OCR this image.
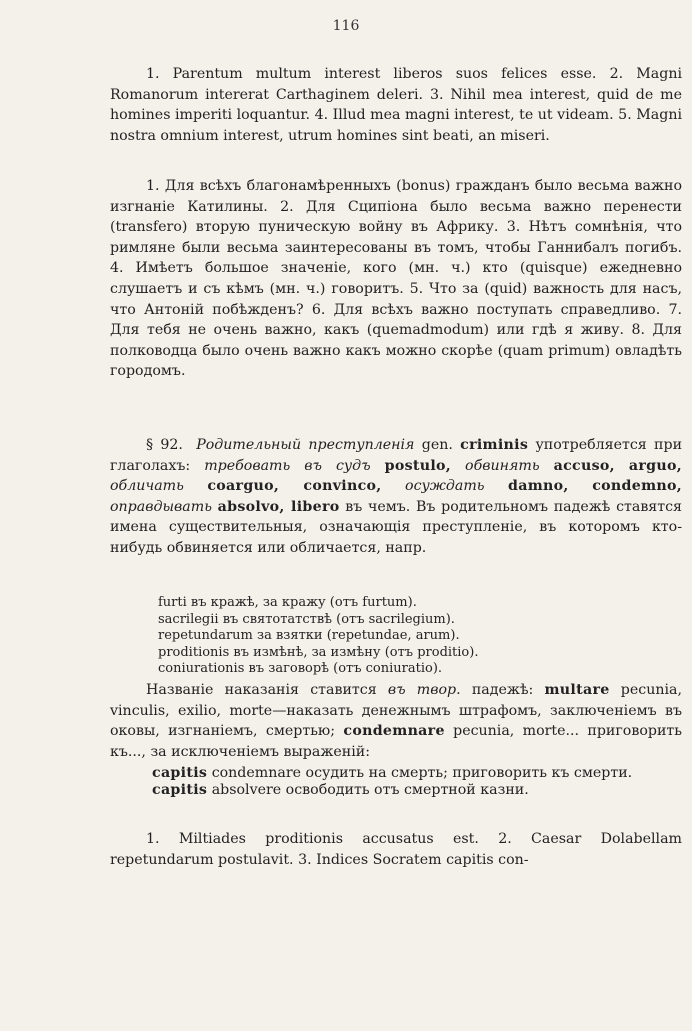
116

1. Parentum multum interest liberos suos felices esse. 2. Magni Romanorum intererat Carthaginem deleri. 3. Nihil mea interest, quid de me homines imperiti loquantur. 4. Illud mea magni interest, te ut videam. 5. Magni nostra omnium interest, utrum homines sint beati, an miseri.

1. Для всѣхъ благонамѣренныхъ (bonus) гражданъ было весьма важно изгнаніе Катилины. 2. Для Сципіона было весьма важно перенести (transfero) вторую пуническую войну въ Африку. 3. Нѣтъ сомнѣнія, что римляне были весьма заинтересованы въ томъ, чтобы Ганнибалъ погибъ. 4. Имѣетъ большое значеніе, кого (мн. ч.) кто (quisque) ежедневно слушаетъ и съ кѣмъ (мн. ч.) говоритъ. 5. Что за (quid) важность для насъ, что Антоній побѣжденъ? 6. Для всѣхъ важно поступать справедливо. 7. Для тебя не очень важно, какъ (quemadmodum) или гдѣ я живу. 8. Для полководца было очень важно какъ можно скорѣе (quam primum) овладѣть городомъ.

§ 92. Родительный преступленія gen. criminis употребляется при глаголахъ: требовать въ судъ postulo, обвинять accuso, arguo, обличать coarguo, convinco, осуждать damno, condemno, оправдывать absolvo, libero въ чемъ. Въ родительномъ падежѣ ставятся имена существительныя, означающія преступленіе, въ которомъ кто-нибудь обвиняется или обличается, напр.

furti въ кражѣ, за кражу (отъ furtum).
sacrilegii въ святотатствѣ (отъ sacrilegium).
repetundarum за взятки (repetundae, arum).
proditionis въ измѣнѣ, за измѣну (отъ proditio).
coniurationis въ заговорѣ (отъ coniuratio).

Названіе наказанія ставится въ твор. падежѣ: multare pecunia, vinculis, exilio, morte—наказать денежнымъ штрафомъ, заключеніемъ въ оковы, изгнаніемъ, смертью; condemnare pecunia, morte... приговорить къ..., за исключеніемъ выраженій:

capitis condemnare осудить на смерть; приговорить къ смерти.
capitis absolvere освободить отъ смертной казни.

1. Miltiades proditionis accusatus est. 2. Caesar Dolabellam repetundarum postulavit. 3. Indices Socratem capitis con-
